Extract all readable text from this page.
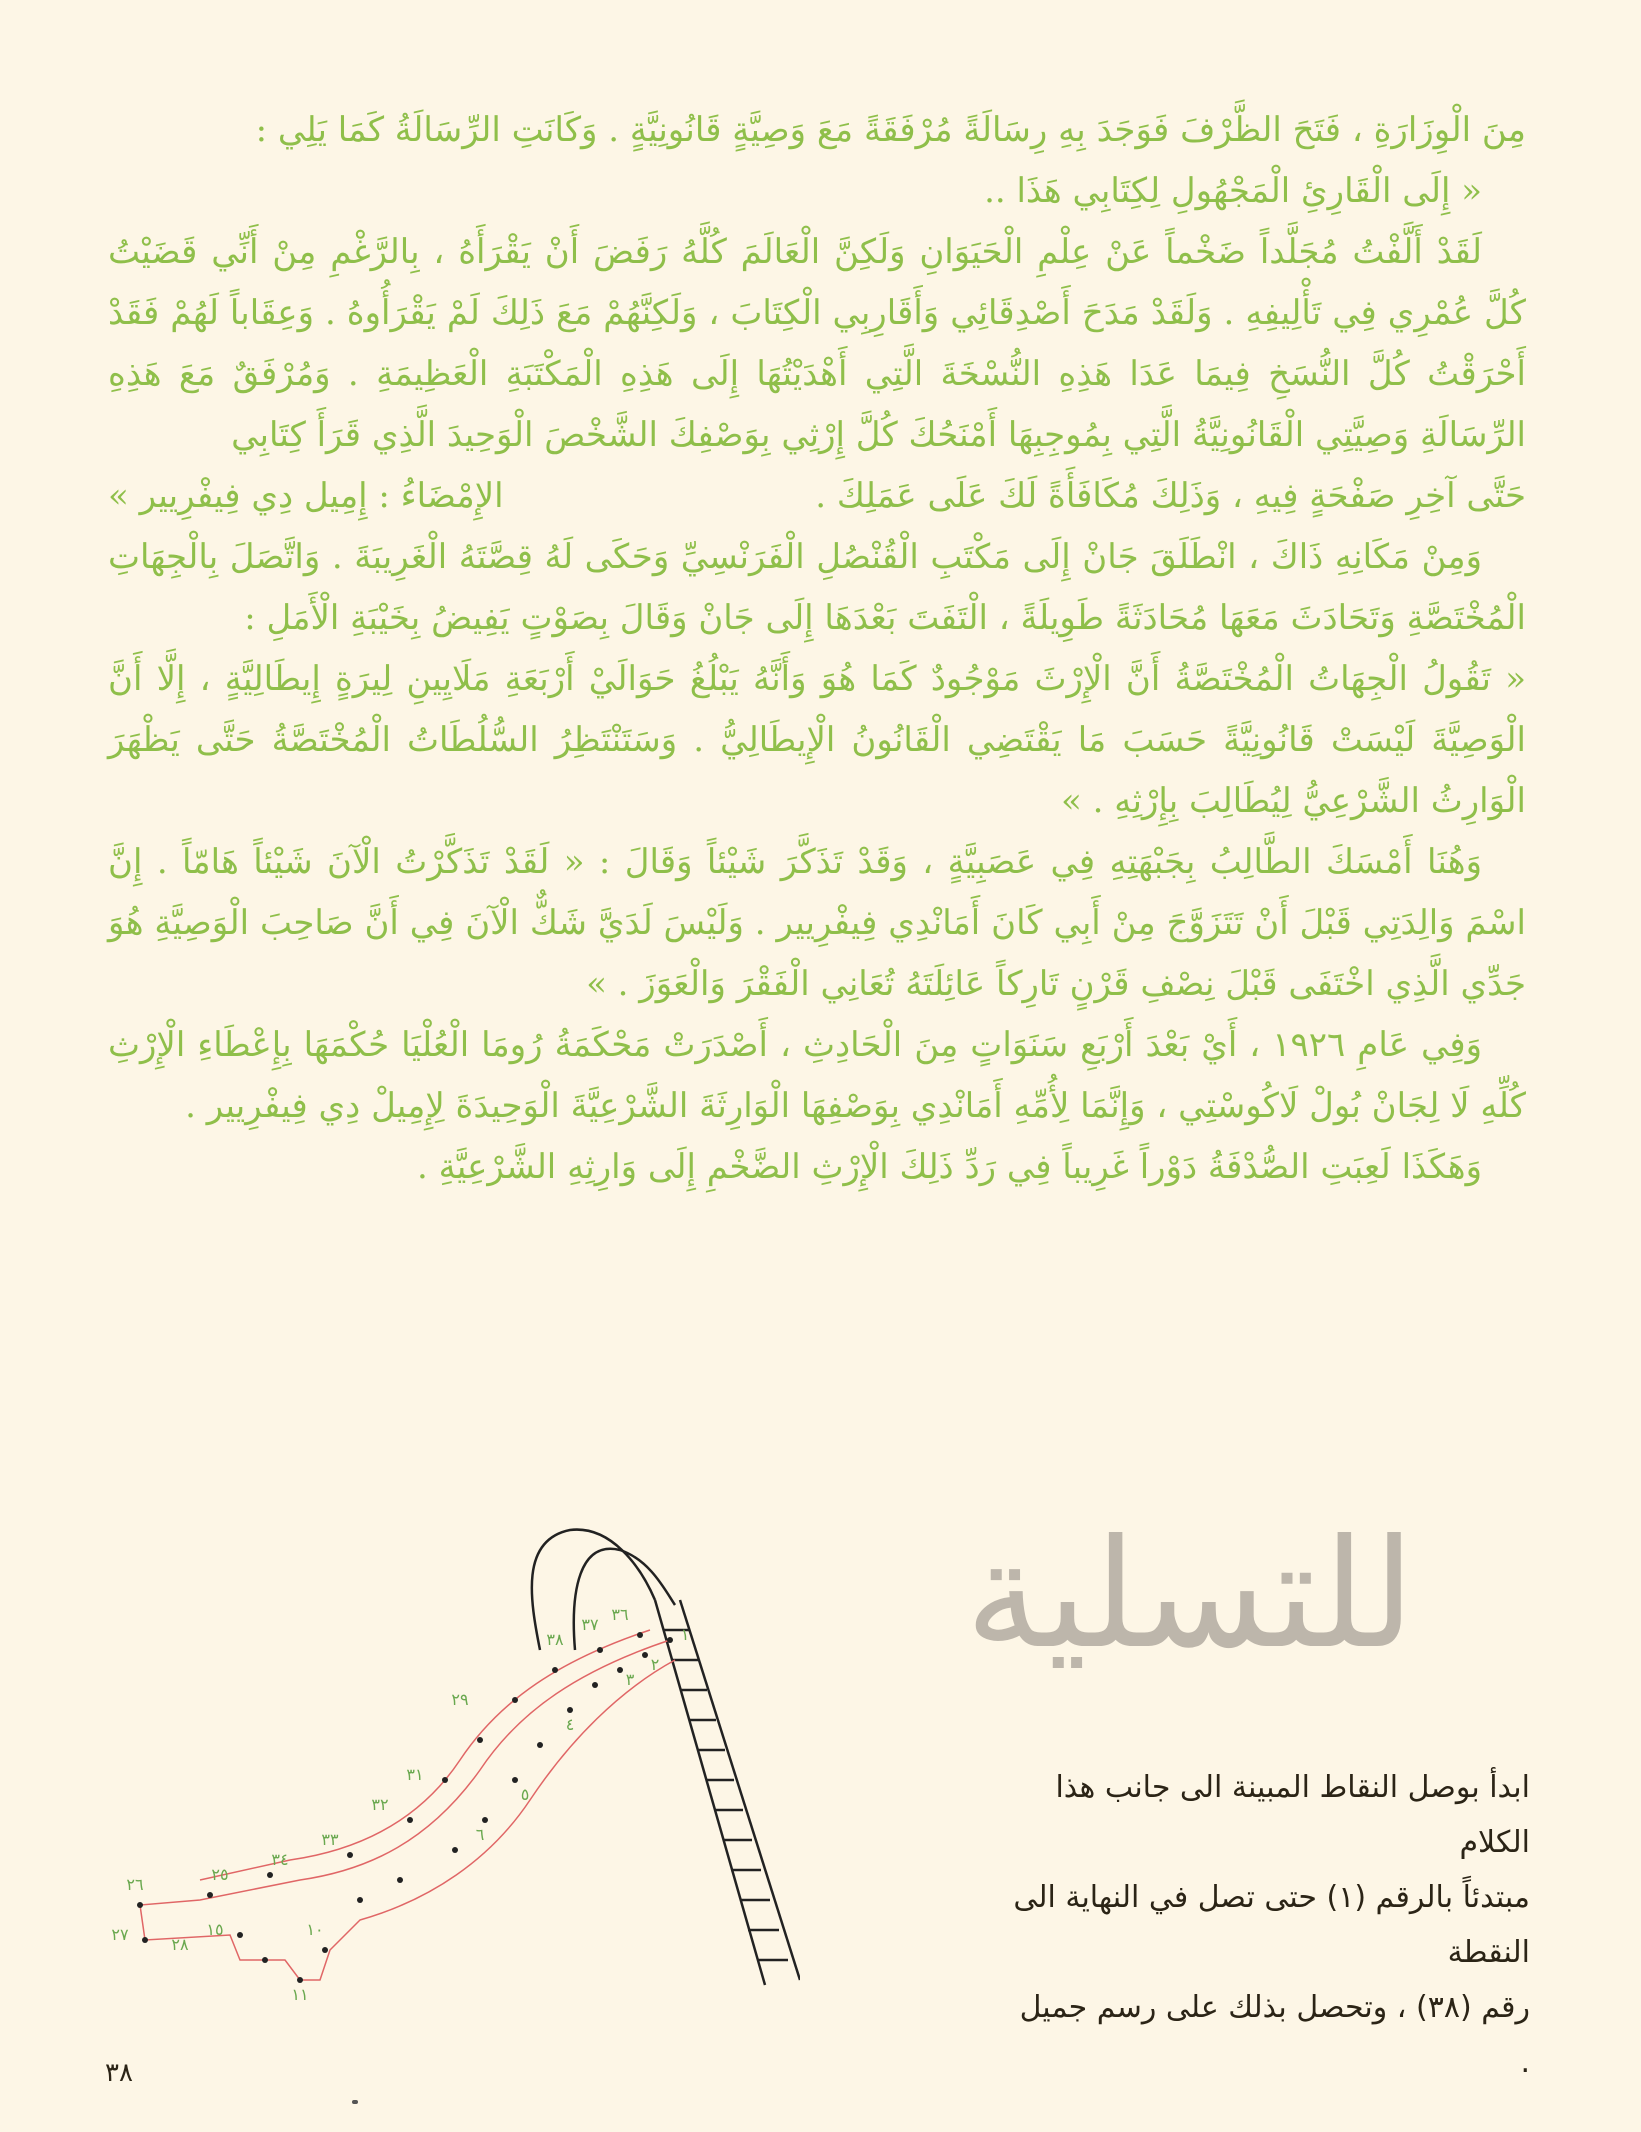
مِنَ الْوِزَارَةِ ، فَتَحَ الظَّرْفَ فَوَجَدَ بِهِ رِسَالَةً مُرْفَقَةً مَعَ وَصِيَّةٍ قَانُونِيَّةٍ . وَكَانَتِ الرِّسَالَةُ كَمَا يَلِي :

« إِلَى الْقَارِئِ الْمَجْهُولِ لِكِتَابِي هَذَا ..

لَقَدْ أَلَّفْتُ مُجَلَّداً ضَخْماً عَنْ عِلْمِ الْحَيَوَانِ وَلَكِنَّ الْعَالَمَ كُلَّهُ رَفَضَ أَنْ يَقْرَأَهُ ، بِالرَّغْمِ مِنْ أَنِّي قَضَيْتُ كُلَّ عُمْرِي فِي تَأْلِيفِهِ . وَلَقَدْ مَدَحَ أَصْدِقَائِي وَأَقَارِبِي الْكِتَابَ ، وَلَكِنَّهُمْ مَعَ ذَلِكَ لَمْ يَقْرَأُوهُ . وَعِقَاباً لَهُمْ فَقَدْ أَحْرَقْتُ كُلَّ النُّسَخِ فِيمَا عَدَا هَذِهِ النُّسْخَةَ الَّتِي أَهْدَيْتُهَا إِلَى هَذِهِ الْمَكْتَبَةِ الْعَظِيمَةِ . وَمُرْفَقٌ مَعَ هَذِهِ الرِّسَالَةِ وَصِيَّتِي الْقَانُونِيَّةُ الَّتِي بِمُوجِبِهَا أَمْنَحُكَ كُلَّ إِرْثِي بِوَصْفِكَ الشَّخْصَ الْوَحِيدَ الَّذِي قَرَأَ كِتَابِي

حَتَّى آخِرِ صَفْحَةٍ فِيهِ ، وَذَلِكَ مُكَافَأَةً لَكَ عَلَى عَمَلِكَ .
الإِمْضَاءُ : إِمِيل دِي فِيفْرِيير »

وَمِنْ مَكَانِهِ ذَاكَ ، انْطَلَقَ جَانْ إِلَى مَكْتَبِ الْقُنْصُلِ الْفَرَنْسِيِّ وَحَكَى لَهُ قِصَّتَهُ الْغَرِيبَةَ . وَاتَّصَلَ بِالْجِهَاتِ الْمُخْتَصَّةِ وَتَحَادَثَ مَعَهَا مُحَادَثَةً طَوِيلَةً ، الْتَفَتَ بَعْدَهَا إِلَى جَانْ وَقَالَ بِصَوْتٍ يَفِيضُ بِخَيْبَةِ الْأَمَلِ :

« تَقُولُ الْجِهَاتُ الْمُخْتَصَّةُ أَنَّ الْإِرْثَ مَوْجُودٌ كَمَا هُوَ وَأَنَّهُ يَبْلُغُ حَوَالَيْ أَرْبَعَةِ مَلَايِينِ لِيرَةٍ إِيطَالِيَّةٍ ، إِلَّا أَنَّ الْوَصِيَّةَ لَيْسَتْ قَانُونِيَّةً حَسَبَ مَا يَقْتَضِي الْقَانُونُ الْإِيطَالِيُّ . وَسَتَنْتَظِرُ السُّلُطَاتُ الْمُخْتَصَّةُ حَتَّى يَظْهَرَ الْوَارِثُ الشَّرْعِيُّ لِيُطَالِبَ بِإِرْثِهِ . »

وَهُنَا أَمْسَكَ الطَّالِبُ بِجَبْهَتِهِ فِي عَصَبِيَّةٍ ، وَقَدْ تَذَكَّرَ شَيْئاً وَقَالَ : « لَقَدْ تَذَكَّرْتُ الْآنَ شَيْئاً هَامّاً . إِنَّ اسْمَ وَالِدَتِي قَبْلَ أَنْ تَتَزَوَّجَ مِنْ أَبِي كَانَ أَمَانْدِي فِيفْرِيير . وَلَيْسَ لَدَيَّ شَكٌّ الْآنَ فِي أَنَّ صَاحِبَ الْوَصِيَّةِ هُوَ جَدِّي الَّذِي اخْتَفَى قَبْلَ نِصْفِ قَرْنٍ تَارِكاً عَائِلَتَهُ تُعَانِي الْفَقْرَ وَالْعَوَزَ . »

وَفِي عَامِ ١٩٢٦ ، أَيْ بَعْدَ أَرْبَعِ سَنَوَاتٍ مِنَ الْحَادِثِ ، أَصْدَرَتْ مَحْكَمَةُ رُومَا الْعُلْيَا حُكْمَهَا بِإِعْطَاءِ الْإِرْثِ كُلِّهِ لَا لِجَانْ بُولْ لَاكُوسْتِي ، وَإِنَّمَا لِأُمِّهِ أَمَانْدِي بِوَصْفِهَا الْوَارِثَةَ الشَّرْعِيَّةَ الْوَحِيدَةَ لِإِمِيلْ دِي فِيفْرِيير .

وَهَكَذَا لَعِبَتِ الصُّدْفَةُ دَوْراً غَرِيباً فِي رَدِّ ذَلِكَ الْإِرْثِ الضَّخْمِ إِلَى وَارِثِهِ الشَّرْعِيَّةِ .

للتسلية

ابدأ بوصل النقاط المبينة الى جانب هذا الكلام

مبتدئاً بالرقم (١) حتى تصل في النهاية الى النقطة

رقم (٣٨) ، وتحصل بذلك على رسم جميل .

١
٢
٣
٤
٥
٦
١٠
١١
١٥
٢٥
٢٦
٢٧
٢٨
٢٩
٣١
٣٢
٣٣
٣٤
٣٦
٣٧
٣٨
٣٨
